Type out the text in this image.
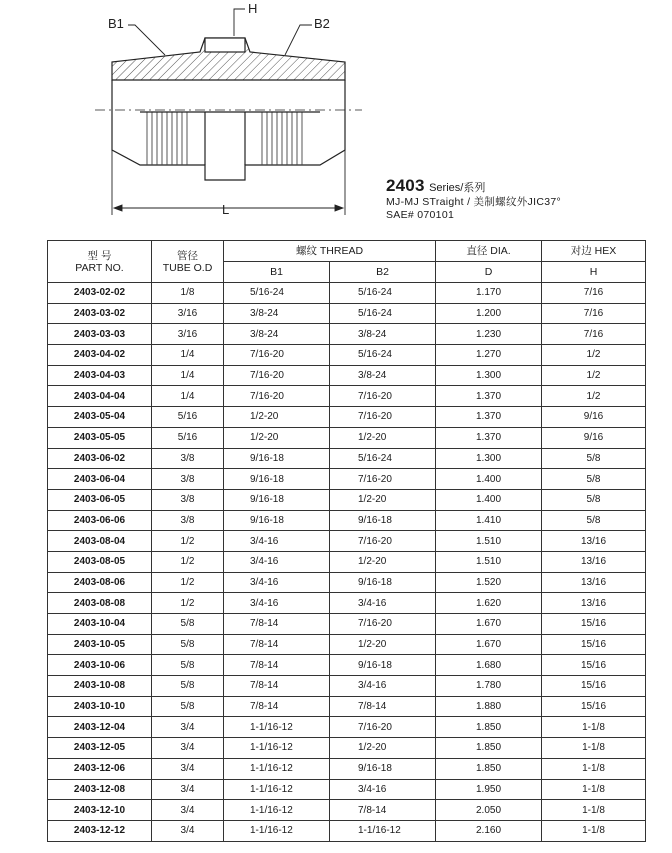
B1
H
B2
L
2403 Series/系列
MJ-MJ STraight / 美制螺纹外JIC37°
SAE# 070101
型 号
PART NO.	管径
TUBE O.D	螺纹 THREAD		直径 DIA.	对边 HEX
		B1	B2	D	H
2403-02-02	1/8	5/16-24	5/16-24	1.170	7/16
2403-03-02	3/16	3/8-24	5/16-24	1.200	7/16
2403-03-03	3/16	3/8-24	3/8-24	1.230	7/16
2403-04-02	1/4	7/16-20	5/16-24	1.270	1/2
2403-04-03	1/4	7/16-20	3/8-24	1.300	1/2
2403-04-04	1/4	7/16-20	7/16-20	1.370	1/2
2403-05-04	5/16	1/2-20	7/16-20	1.370	9/16
2403-05-05	5/16	1/2-20	1/2-20	1.370	9/16
2403-06-02	3/8	9/16-18	5/16-24	1.300	5/8
2403-06-04	3/8	9/16-18	7/16-20	1.400	5/8
2403-06-05	3/8	9/16-18	1/2-20	1.400	5/8
2403-06-06	3/8	9/16-18	9/16-18	1.410	5/8
2403-08-04	1/2	3/4-16	7/16-20	1.510	13/16
2403-08-05	1/2	3/4-16	1/2-20	1.510	13/16
2403-08-06	1/2	3/4-16	9/16-18	1.520	13/16
2403-08-08	1/2	3/4-16	3/4-16	1.620	13/16
2403-10-04	5/8	7/8-14	7/16-20	1.670	15/16
2403-10-05	5/8	7/8-14	1/2-20	1.670	15/16
2403-10-06	5/8	7/8-14	9/16-18	1.680	15/16
2403-10-08	5/8	7/8-14	3/4-16	1.780	15/16
2403-10-10	5/8	7/8-14	7/8-14	1.880	15/16
2403-12-04	3/4	1-1/16-12	7/16-20	1.850	1-1/8
2403-12-05	3/4	1-1/16-12	1/2-20	1.850	1-1/8
2403-12-06	3/4	1-1/16-12	9/16-18	1.850	1-1/8
2403-12-08	3/4	1-1/16-12	3/4-16	1.950	1-1/8
2403-12-10	3/4	1-1/16-12	7/8-14	2.050	1-1/8
2403-12-12	3/4	1-1/16-12	1-1/16-12	2.160	1-1/8
